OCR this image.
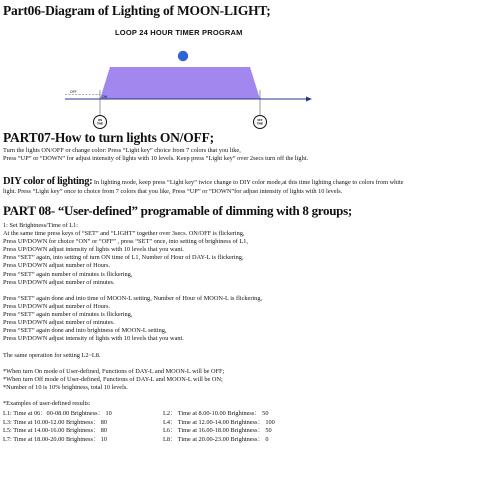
Part06-Diagram of Lighting of MOON-LIGHT;
LOOP 24 HOUR TIMER PROGRAM
ON
TIME
OFF
TIME
OFF
ON
PART07-How to turn lights ON/OFF;
Turn the lights ON/OFF or change color: Press “Light key” choice from 7 colors that you like,
Press “UP” or “DOWN” for adjust intensity of lights with 10 levels. Keep press “Light key” over 2secs turn off the light.
DIY color of lighting: In lighting mode, keep press “Light key” twice change to DIY color mode,at this time lighting change to colors from white
light. Press “Light key” once to choice from 7 colors that you like, Press “UP” or “DOWN”for adjust intensity of lights with 10 levels.
PART 08- “User-defined” programable of dimming with 8 groups;
1: Set Brightness/Time of L1:
At the same time press keys of “SET” and “LIGHT” together over 3secs. ON/OFF is flickering,
Press UP/DOWN for choice “ON” or “OFF” , press “SET” once, into setting of brightness of L1,
Press UP/DOWN adjust intensity of lights with 10 levels that you want.
Press “SET” again, into setting of turn ON time of L1, Number of Hour of DAY-L is flickering,
Press UP/DOWN adjust number of Hours.
Press “SET” again number of minutes is flickering,
Press UP/DOWN adjust number of minutes.
Press “SET” again done and into time of MOON-L setting, Number of Hour of MOON-L is flickering,
Press UP/DOWN adjust number of Hours.
Press “SET” again number of minutes is flickering,
Press UP/DOWN adjust number of minutes.
Press “SET” again done and into brightness of MOON-L setting,
Press UP/DOWN adjust intensity of lights with 10 levels that you want.
The same operation for setting L2~L8.
*When turn On mode of User-defined, Functions of DAY-L and MOON-L will be OFF;
*When turn Off mode of User-defined, Functions of DAY-L and MOON-L will be ON;
*Number of 10 is 10% brightness, total 10 levels.
*Examples of user-defined results:
L1: Time at 06：00-08.00 Brightness： 10
L3: Time at 10.00-12.00 Brightness： 80
L5: Time at 14.00-16.00 Brightness： 80
L7: Time at 18.00-20.00 Brightness： 10
L2： Time at 8.00-10.00 Brightness： 50
L4： Time at 12.00-14.00 Brightness： 100
L6： Time at 16.00-18.00 Brightness： 50
L8： Time at 20.00-23.00 Brightness： 0
